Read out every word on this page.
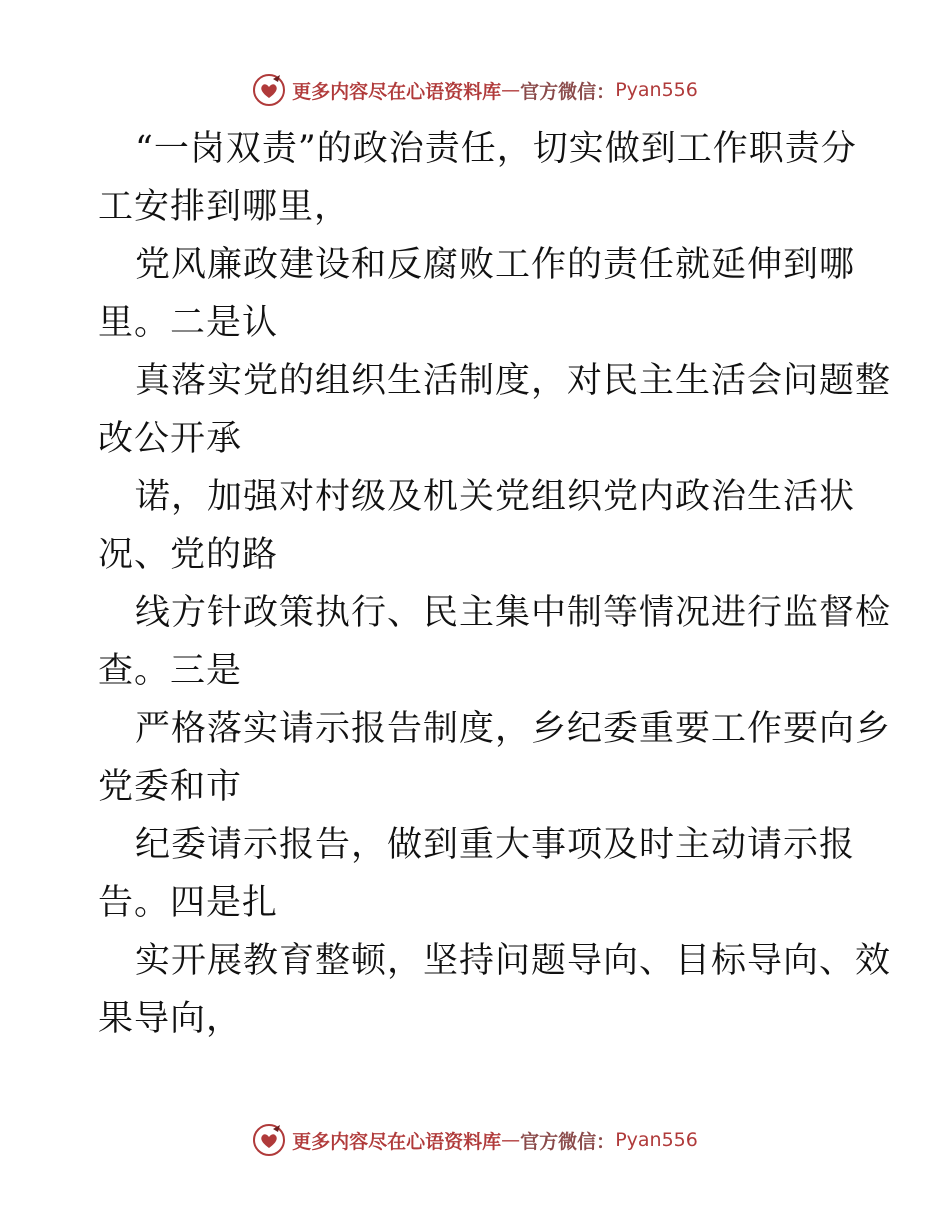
更多内容尽在心语资料库 — 官方微信： Pyan556
“一岗双责”的政治责任，切实做到工作职责分
工安排到哪里，
党风廉政建设和反腐败工作的责任就延伸到哪
里。二是认
真落实党的组织生活制度，对民主生活会问题整
改公开承
诺，加强对村级及机关党组织党内政治生活状
况、党的路
线方针政策执行、民主集中制等情况进行监督检
查。三是
严格落实请示报告制度，乡纪委重要工作要向乡
党委和市
纪委请示报告，做到重大事项及时主动请示报
告。四是扎
实开展教育整顿，坚持问题导向、目标导向、效
果导向，
更多内容尽在心语资料库 — 官方微信： Pyan556
